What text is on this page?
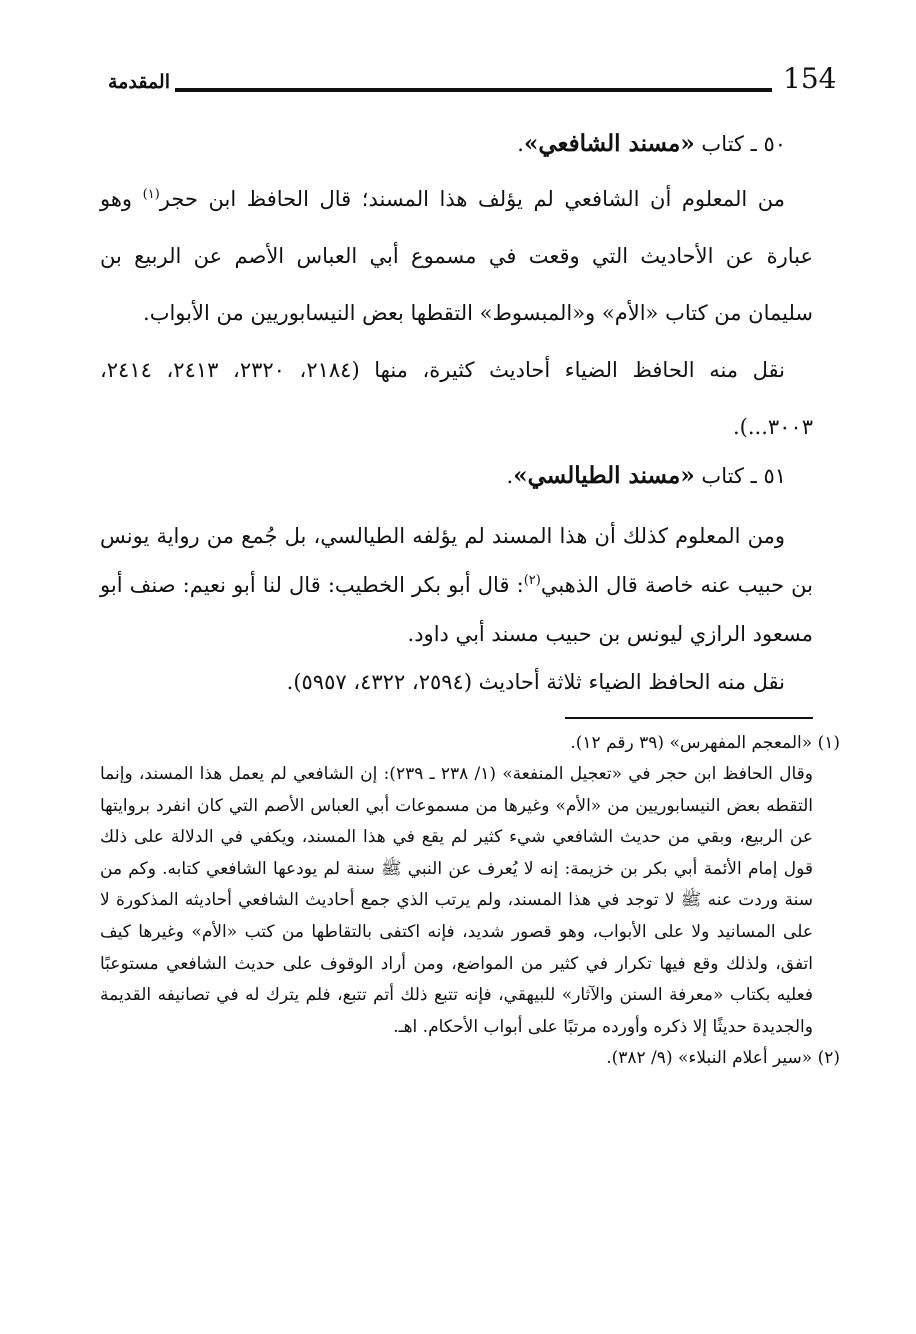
154
المقدمة
٥٠ ـ كتاب «مسند الشافعي».
من المعلوم أن الشافعي لم يؤلف هذا المسند؛ قال الحافظ ابن حجر$^{(١)}$ وهو عبارة عن الأحاديث التي وقعت في مسموع أبي العباس الأصم عن الربيع بن سليمان من كتاب «الأم» و«المبسوط» التقطها بعض النيسابوريين من الأبواب.
نقل منه الحافظ الضياء أحاديث كثيرة، منها (٢١٨٤، ٢٣٢٠، ٢٤١٣، ٢٤١٤، ٣٠٠٣...).
٥١ ـ كتاب «مسند الطيالسي».
ومن المعلوم كذلك أن هذا المسند لم يؤلفه الطيالسي، بل جُمع من رواية يونس بن حبيب عنه خاصة قال الذهبي$^{(٢)}$: قال أبو بكر الخطيب: قال لنا أبو نعيم: صنف أبو مسعود الرازي ليونس بن حبيب مسند أبي داود.
نقل منه الحافظ الضياء ثلاثة أحاديث (٢٥٩٤، ٤٣٢٢، ٥٩٥٧).
(١) «المعجم المفهرس» (٣٩ رقم ١٢).
وقال الحافظ ابن حجر في «تعجيل المنفعة» (١/ ٢٣٨ ـ ٢٣٩): إن الشافعي لم يعمل هذا المسند، وإنما التقطه بعض النيسابوريين من «الأم» وغيرها من مسموعات أبي العباس الأصم التي كان انفرد بروايتها عن الربيع، وبقي من حديث الشافعي شيء كثير لم يقع في هذا المسند، ويكفي في الدلالة على ذلك قول إمام الأئمة أبي بكر بن خزيمة: إنه لا يُعرف عن النبي ﷺ سنة لم يودعها الشافعي كتابه. وكم من سنة وردت عنه ﷺ لا توجد في هذا المسند، ولم يرتب الذي جمع أحاديث الشافعي أحاديثه المذكورة لا على المسانيد ولا على الأبواب، وهو قصور شديد، فإنه اكتفى بالتقاطها من كتب «الأم» وغيرها كيف اتفق، ولذلك وقع فيها تكرار في كثير من المواضع، ومن أراد الوقوف على حديث الشافعي مستوعبًا فعليه بكتاب «معرفة السنن والآثار» للبيهقي، فإنه تتبع ذلك أتم تتبع، فلم يترك له في تصانيفه القديمة والجديدة حديثًا إلا ذكره وأورده مرتبًا على أبواب الأحكام. اهـ.
(٢) «سير أعلام النبلاء» (٩/ ٣٨٢).
